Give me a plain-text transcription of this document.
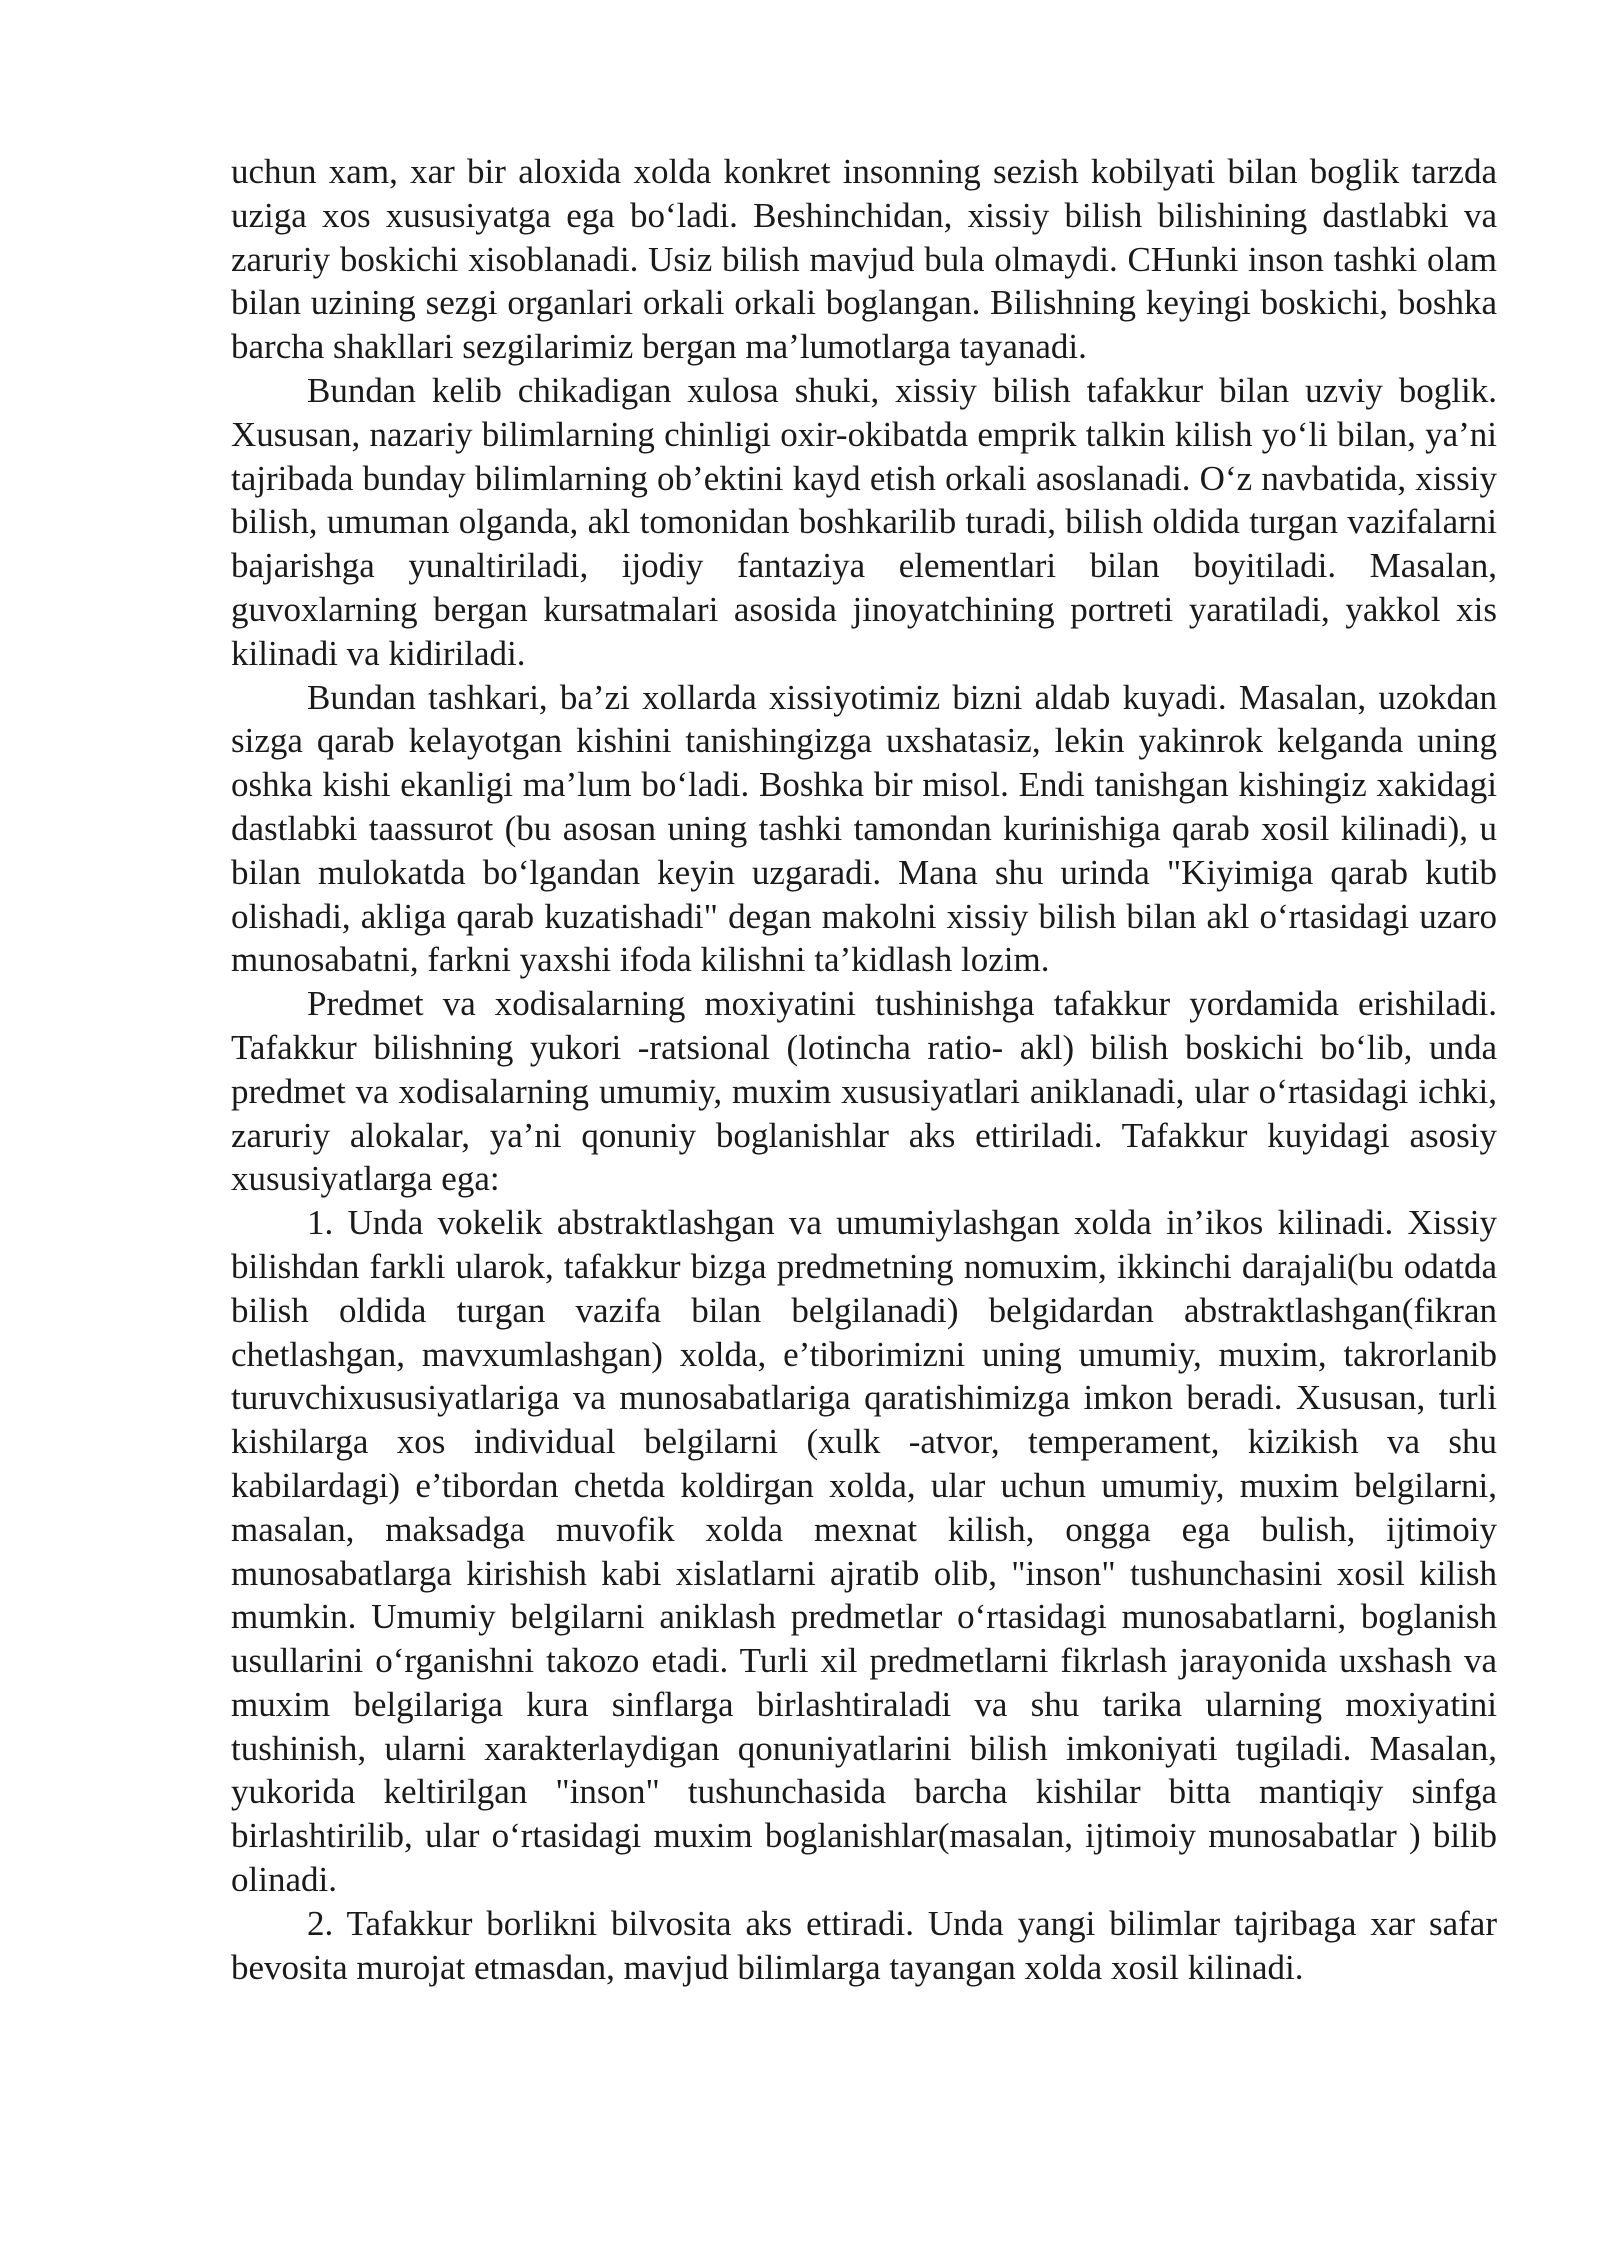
uchun xam, xar bir aloxida xolda konkret insonning sezish kobilyati bilan boglik tarzda uziga xos xususiyatga ega bo‘ladi. Beshinchidan, xissiy bilish bilishining dastlabki va zaruriy boskichi xisoblanadi. Usiz bilish mavjud bula olmaydi. CHunki inson tashki olam bilan uzining sezgi organlari orkali orkali boglangan. Bilishning keyingi boskichi, boshka barcha shakllari sezgilarimiz bergan ma’lumotlarga tayanadi.

Bundan kelib chikadigan xulosa shuki, xissiy bilish tafakkur bilan uzviy boglik. Xususan, nazariy bilimlarning chinligi oxir-okibatda emprik talkin kilish yo‘li bilan, ya’ni tajribada bunday bilimlarning ob’ektini kayd etish orkali asoslanadi. O‘z navbatida, xissiy bilish, umuman olganda, akl tomonidan boshkarilib turadi, bilish oldida turgan vazifalarni bajarishga yunaltiriladi, ijodiy fantaziya elementlari bilan boyitiladi. Masalan, guvoxlarning bergan kursatmalari asosida jinoyatchining portreti yaratiladi, yakkol xis kilinadi va kidiriladi.

Bundan tashkari, ba’zi xollarda xissiyotimiz bizni aldab kuyadi. Masalan, uzokdan sizga qarab kelayotgan kishini tanishingizga uxshatasiz, lekin yakinrok kelganda uning oshka kishi ekanligi ma’lum bo‘ladi. Boshka bir misol. Endi tanishgan kishingiz xakidagi dastlabki taassurot (bu asosan uning tashki tamondan kurinishiga qarab xosil kilinadi), u bilan mulokatda bo‘lgandan keyin uzgaradi. Mana shu urinda "Kiyimiga qarab kutib olishadi, akliga qarab kuzatishadi" degan makolni xissiy bilish bilan akl o‘rtasidagi uzaro munosabatni, farkni yaxshi ifoda kilishni ta’kidlash lozim.

Predmet va xodisalarning moxiyatini tushinishga tafakkur yordamida erishiladi. Tafakkur bilishning yukori -ratsional (lotincha ratio- akl) bilish boskichi bo‘lib, unda predmet va xodisalarning umumiy, muxim xususiyatlari aniklanadi, ular o‘rtasidagi ichki, zaruriy alokalar, ya’ni qonuniy boglanishlar aks ettiriladi. Tafakkur kuyidagi asosiy xususiyatlarga ega:

1. Unda vokelik abstraktlashgan va umumiylashgan xolda in’ikos kilinadi. Xissiy bilishdan farkli ularok, tafakkur bizga predmetning nomuxim, ikkinchi darajali(bu odatda bilish oldida turgan vazifa bilan belgilanadi) belgidardan abstraktlashgan(fikran chetlashgan, mavxumlashgan) xolda, e’tiborimizni uning umumiy, muxim, takrorlanib turuvchixususiyatlariga va munosabatlariga qaratishimizga imkon beradi. Xususan, turli kishilarga xos individual belgilarni (xulk -atvor, temperament, kizikish va shu kabilardagi) e’tibordan chetda koldirgan xolda, ular uchun umumiy, muxim belgilarni, masalan, maksadga muvofik xolda mexnat kilish, ongga ega bulish, ijtimoiy munosabatlarga kirishish kabi xislatlarni ajratib olib, "inson" tushunchasini xosil kilish mumkin. Umumiy belgilarni aniklash predmetlar o‘rtasidagi munosabatlarni, boglanish usullarini o‘rganishni takozo etadi. Turli xil predmetlarni fikrlash jarayonida uxshash va muxim belgilariga kura sinflarga birlashtiraladi va shu tarika ularning moxiyatini tushinish, ularni xarakterlaydigan qonuniyatlarini bilish imkoniyati tugiladi. Masalan, yukorida keltirilgan "inson" tushunchasida barcha kishilar bitta mantiqiy sinfga birlashtirilib, ular o‘rtasidagi muxim boglanishlar(masalan, ijtimoiy munosabatlar ) bilib olinadi.

2. Tafakkur borlikni bilvosita aks ettiradi. Unda yangi bilimlar tajribaga xar safar bevosita murojat etmasdan, mavjud bilimlarga tayangan xolda xosil kilinadi.
